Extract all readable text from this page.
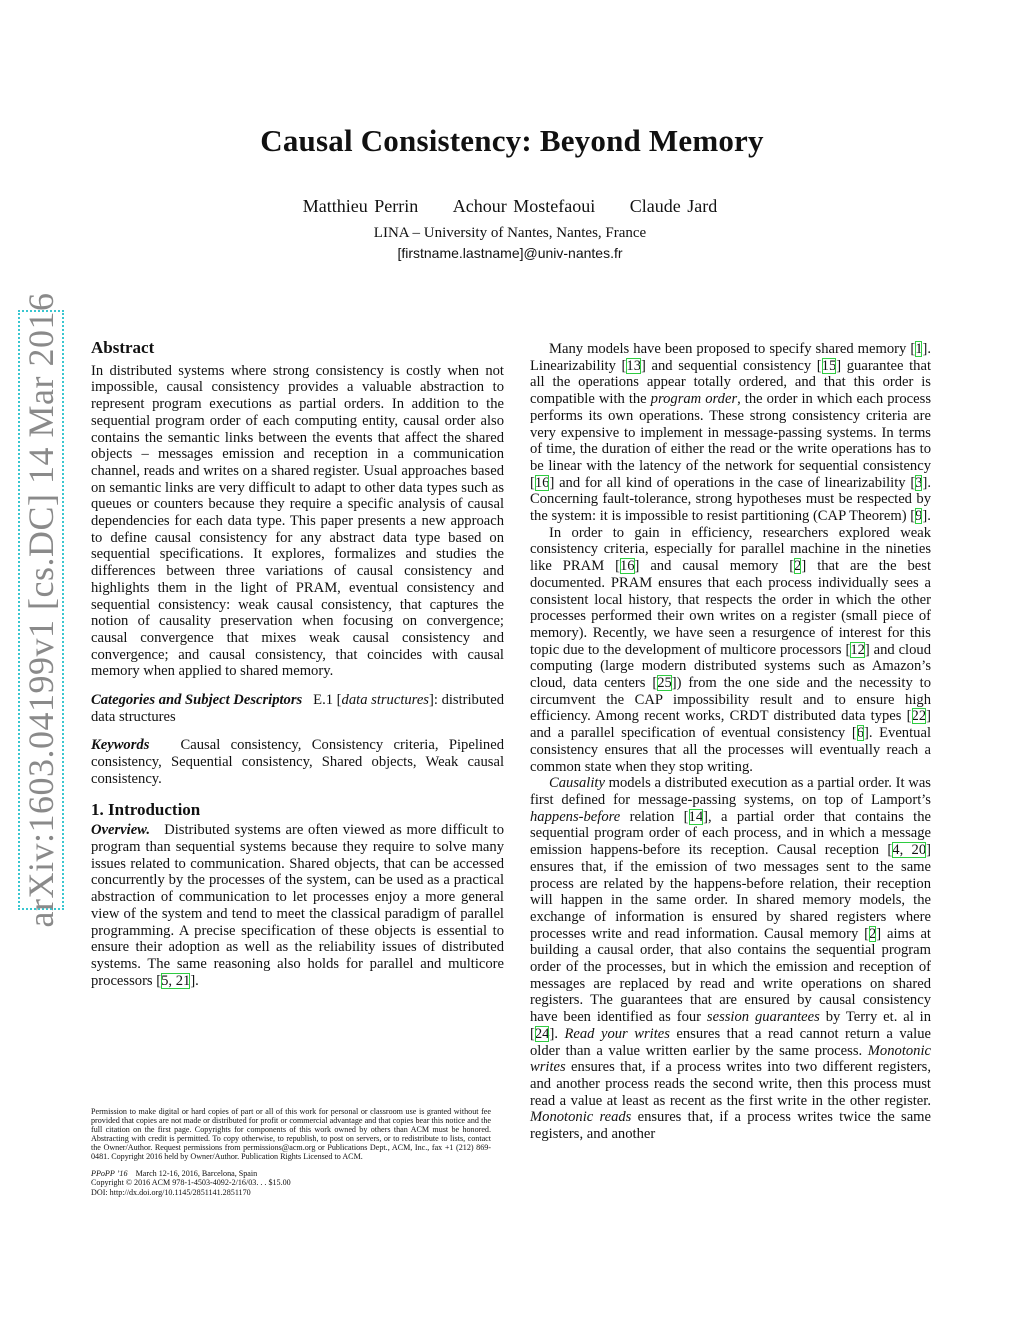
arXiv:1603.04199v1 [cs.DC] 14 Mar 2016
Causal Consistency: Beyond Memory
Matthieu Perrin Achour Mostefaoui Claude Jard
LINA – University of Nantes, Nantes, France
[firstname.lastname]@univ-nantes.fr
Abstract

In distributed systems where strong consistency is costly when not impossible, causal consistency provides a valuable abstraction to represent program executions as partial orders. In addition to the sequential program order of each computing entity, causal order also contains the semantic links between the events that affect the shared objects – messages emission and reception in a communication channel, reads and writes on a shared register. Usual approaches based on semantic links are very difficult to adapt to other data types such as queues or counters because they require a specific analysis of causal dependencies for each data type. This paper presents a new approach to define causal consistency for any abstract data type based on sequential specifications. It explores, formalizes and studies the differences between three variations of causal consistency and highlights them in the light of PRAM, eventual consistency and sequential consistency: weak causal consistency, that captures the notion of causality preservation when focusing on convergence; causal convergence that mixes weak causal consistency and convergence; and causal consistency, that coincides with causal memory when applied to shared memory.

Categories and Subject Descriptors E.1 [data structures]: distributed data structures

Keywords Causal consistency, Consistency criteria, Pipelined consistency, Sequential consistency, Shared objects, Weak causal consistency.

1. Introduction

Overview. Distributed systems are often viewed as more difficult to program than sequential systems because they require to solve many issues related to communication. Shared objects, that can be accessed concurrently by the processes of the system, can be used as a practical abstraction of communication to let processes enjoy a more general view of the system and tend to meet the classical paradigm of parallel programming. A precise specification of these objects is essential to ensure their adoption as well as the reliability issues of distributed systems. The same reasoning also holds for parallel and multicore processors [5, 21].

Many models have been proposed to specify shared memory [1]. Linearizability [13] and sequential consistency [15] guarantee that all the operations appear totally ordered, and that this order is compatible with the program order, the order in which each process performs its own operations. These strong consistency criteria are very expensive to implement in message-passing systems. In terms of time, the duration of either the read or the write operations has to be linear with the latency of the network for sequential consistency [16] and for all kind of operations in the case of linearizability [3]. Concerning fault-tolerance, strong hypotheses must be respected by the system: it is impossible to resist partitioning (CAP Theorem) [9].

In order to gain in efficiency, researchers explored weak consistency criteria, especially for parallel machine in the nineties like PRAM [16] and causal memory [2] that are the best documented. PRAM ensures that each process individually sees a consistent local history, that respects the order in which the other processes performed their own writes on a register (small piece of memory). Recently, we have seen a resurgence of interest for this topic due to the development of multicore processors [12] and cloud computing (large modern distributed systems such as Amazon’s cloud, data centers [25]) from the one side and the necessity to circumvent the CAP impossibility result and to ensure high efficiency. Among recent works, CRDT distributed data types [22] and a parallel specification of eventual consistency [6]. Eventual consistency ensures that all the processes will eventually reach a common state when they stop writing.

Causality models a distributed execution as a partial order. It was first defined for message-passing systems, on top of Lamport’s happens-before relation [14], a partial order that contains the sequential program order of each process, and in which a message emission happens-before its reception. Causal reception [4, 20] ensures that, if the emission of two messages sent to the same process are related by the happens-before relation, their reception will happen in the same order. In shared memory models, the exchange of information is ensured by shared registers where processes write and read information. Causal memory [2] aims at building a causal order, that also contains the sequential program order of the processes, but in which the emission and reception of messages are replaced by read and write operations on shared registers. The guarantees that are ensured by causal consistency have been identified as four session guarantees by Terry et. al in [24]. Read your writes ensures that a read cannot return a value older than a value written earlier by the same process. Monotonic writes ensures that, if a process writes into two different registers, and another process reads the second write, then this process must read a value at least as recent as the first write in the other register. Monotonic reads ensures that, if a process writes twice the same registers, and another

Permission to make digital or hard copies of part or all of this work for personal or classroom use is granted without fee provided that copies are not made or distributed for profit or commercial advantage and that copies bear this notice and the full citation on the first page. Copyrights for components of this work owned by others than ACM must be honored. Abstracting with credit is permitted. To copy otherwise, to republish, to post on servers, or to redistribute to lists, contact the Owner/Author. Request permissions from permissions@acm.org or Publications Dept., ACM, Inc., fax +1 (212) 869-0481. Copyright 2016 held by Owner/Author. Publication Rights Licensed to ACM.

PPoPP ’16 March 12-16, 2016, Barcelona, Spain
Copyright © 2016 ACM 978-1-4503-4092-2/16/03. . . $15.00
DOI: http://dx.doi.org/10.1145/2851141.2851170
